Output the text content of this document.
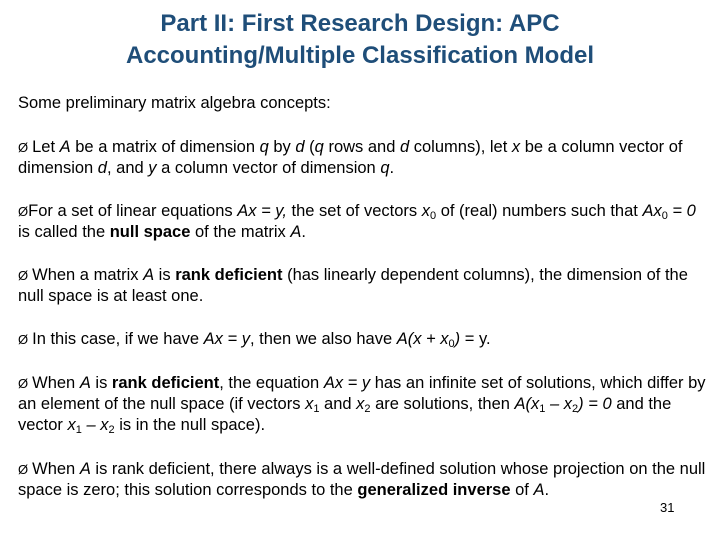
Part II: First Research Design: APC
Accounting/Multiple Classification Model
Some preliminary matrix algebra concepts:
Ø Let A be a matrix of dimension q by d (q rows and d columns), let x be a column vector of dimension d, and y a column vector of dimension q.
ØFor a set of linear equations Ax = y, the set of vectors $x_0$ of (real) numbers such that $Ax_0 = 0$ is called the null space of the matrix A.
Ø When a matrix A is rank deficient (has linearly dependent columns), the dimension of the null space is at least one.
Ø In this case, if we have Ax = y, then we also have $A(x + x_0) = y$.
Ø When A is rank deficient, the equation Ax = y has an infinite set of solutions, which differ by an element of the null space (if vectors $x_1$ and $x_2$ are solutions, then $A(x_1 - x_2) = 0$ and the vector $x_1 - x_2$ is in the null space).
Ø When A is rank deficient, there always is a well-defined solution whose projection on the null space is zero; this solution corresponds to the generalized inverse of A.
31
